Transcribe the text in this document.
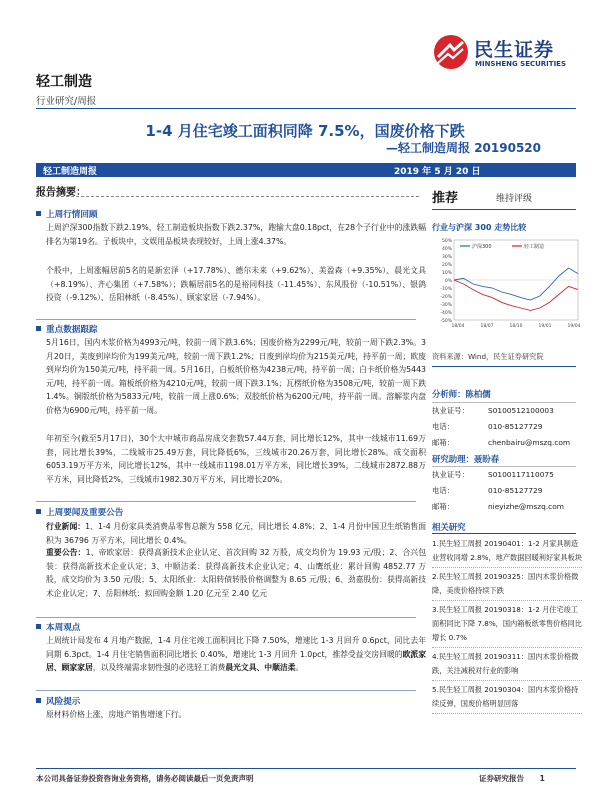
民生证券
MINSHENG SECURITIES
轻工制造
行业研究/周报
1-4 月住宅竣工面积同降 7.5%，国废价格下跌
—轻工制造周报 20190520
轻工制造周报	2019 年 5 月 20 日
报告摘要：
上周行情回顾
上周沪深300指数下跌2.19%，轻工制造板块指数下跌2.37%，跑输大盘0.18pct，在28个子行业中的涨跌幅排名为第19名。子板块中，文娱用品板块表现较好，上周上涨4.37%。
个股中，上周涨幅居前5名的是新宏泽（+17.78%）、德尔未来（+9.62%）、美盈森（+9.35%）、晨光文具（+8.19%）、齐心集团（+7.58%）；跌幅居前5名的是裕同科技（-11.45%）、东风股份（-10.51%）、银鸽投资（-9.12%）、岳阳林纸（-8.45%）、顾家家居（-7.94%）。
重点数据跟踪
5月16日，国内木浆价格为4993元/吨，较前一周下跌3.6%；国废价格为2299元/吨，较前一周下跌2.3%。3月20日，美废到岸均价为199美元/吨，较前一周下跌1.2%；日废到岸均价为215美元/吨，持平前一周；欧废到岸均价为150美元/吨，持平前一周。5月16日，白板纸价格为4238元/吨，持平前一周；白卡纸价格为5443元/吨，持平前一周。箱板纸价格为4210元/吨，较前一周下跌3.1%；瓦楞纸价格为3508元/吨，较前一周下跌1.4%。铜版纸价格为5833元/吨，较前一周上涨0.6%；双胶纸价格为6200元/吨，持平前一周。溶解浆内盘价格为6900元/吨，持平前一周。
年初至今(截至5月17日)，30个大中城市商品房成交套数57.44万套，同比增长12%，其中一线城市11.69万套，同比增长39%，二线城市25.49万套，同比降低6%，三线城市20.26万套，同比增长28%。成交面积6053.19万平方米，同比增长12%，其中一线城市1198.01万平方米，同比增长39%，二线城市2872.88万平方米，同比降低2%，三线城市1982.30万平方米，同比增长20%。
上周要闻及重要公告
行业新闻：1、1-4 月份家具类消费品零售总额为 558 亿元，同比增长 4.8%；2、1-4 月份中国卫生纸销售面积为 36796 万平方米，同比增长 0.4%。
重要公告：1、帝欧家居：获得高新技术企业认定、首次回购 32 万股，成交均价为 19.93 元/股；2、合兴包装：获得高新技术企业认定；3、中顺洁柔：获得高新技术企业认定；4、山鹰纸业：累计回购 4852.77 万股，成交均价为 3.50 元/股；5、太阳纸业：太阳转债转股价格调整为 8.65 元/股；6、劲嘉股份：获得高新技术企业认定；7、岳阳林纸：拟回购金额 1.20 亿元至 2.40 亿元
本周观点
上周统计局发布 4 月地产数据，1-4 月住宅竣工面积同比下降 7.50%，增速比 1-3 月回升 0.6pct，同比去年同期 6.3pct。1-4 月住宅销售面积同比增长 0.40%，增速比 1-3 月回升 1.0pct，推荐受益交房回暖的欧派家居、顾家家居，以及终端需求韧性强的必选轻工消费晨光文具、中顺洁柔。
风险提示
原材料价格上涨，房地产销售增速下行。
推荐	维持评级
行业与沪深 300 走势比较
50%
40%
30%
20%
10%
0%
-10%
-20%
-30%
-40%
-50%
18/04	18/07	18/10	19/01	19/04
沪深300	轻工制造
资料来源：Wind，民生证券研究院
分析师：陈柏儒
执业证号：	S0100512100003
电话：	010-85127729
邮箱：	chenbairu@mszq.com
研究助理：聂盼春
执业证号：	S0100117110075
电话：	010-85127729
邮箱：	nieyizhe@mszq.com
相关研究
1.民生轻工周报 20190401：1-2 月家具制造业营收同增 2.8%，地产数据回暖利好家具板块
2.民生轻工周报 20190325：国内木浆价格微降，美废价格持续下跌
3.民生轻工周报 20190318：1-2 月住宅竣工面积同比下降 7.8%，国内箱板纸零售价格同比增长 0.7%
4.民生轻工周报 20190311：国内木浆价格微跌，关注减税对行业的影响
5.民生轻工周报 20190304：国内木浆价格持续反弹，国废价格明显回落
本公司具备证券投资咨询业务资格，请务必阅读最后一页免责声明	证券研究报告 1
